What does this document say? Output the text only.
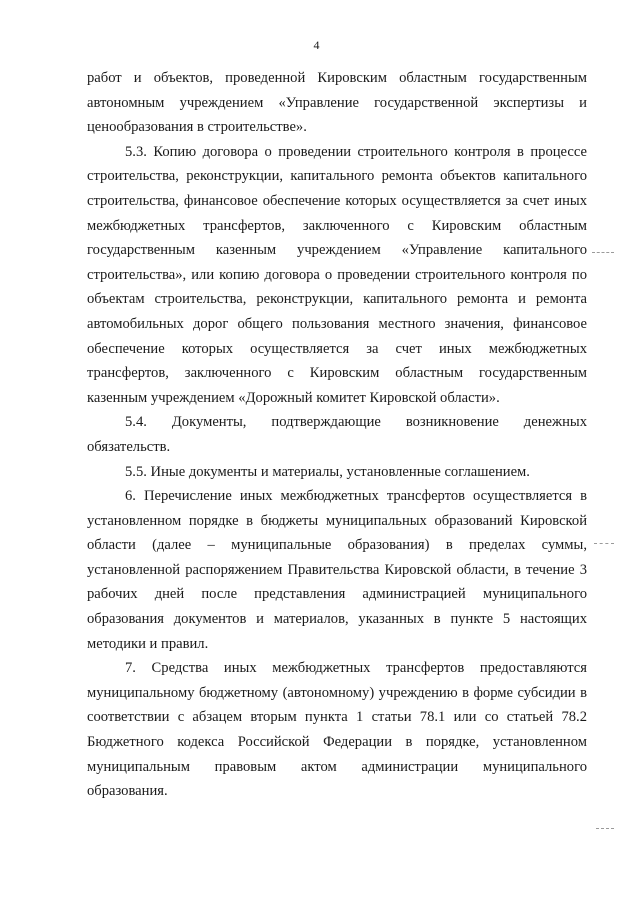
4

работ и объектов, проведенной Кировским областным государственным автономным учреждением «Управление государственной экспертизы и ценообразования в строительстве».

5.3. Копию договора о проведении строительного контроля в процессе строительства, реконструкции, капитального ремонта объектов капитального строительства, финансовое обеспечение которых осуществляется за счет иных межбюджетных трансфертов, заключенного с Кировским областным государственным казенным учреждением «Управление капитального строительства», или копию договора о проведении строительного контроля по объектам строительства, реконструкции, капитального ремонта и ремонта автомобильных дорог общего пользования местного значения, финансовое обеспечение которых осуществляется за счет иных межбюджетных трансфертов, заключенного с Кировским областным государственным казенным учреждением «Дорожный комитет Кировской области».

5.4. Документы, подтверждающие возникновение денежных обязательств.

5.5. Иные документы и материалы, установленные соглашением.

6. Перечисление иных межбюджетных трансфертов осуществляется в установленном порядке в бюджеты муниципальных образований Кировской области (далее – муниципальные образования) в пределах суммы, установленной распоряжением Правительства Кировской области, в течение 3 рабочих дней после представления администрацией муниципального образования документов и материалов, указанных в пункте 5 настоящих методики и правил.

7. Средства иных межбюджетных трансфертов предоставляются муниципальному бюджетному (автономному) учреждению в форме субсидии в соответствии с абзацем вторым пункта 1 статьи 78.1 или со статьей 78.2 Бюджетного кодекса Российской Федерации в порядке, установленном муниципальным правовым актом администрации муниципального образования.
